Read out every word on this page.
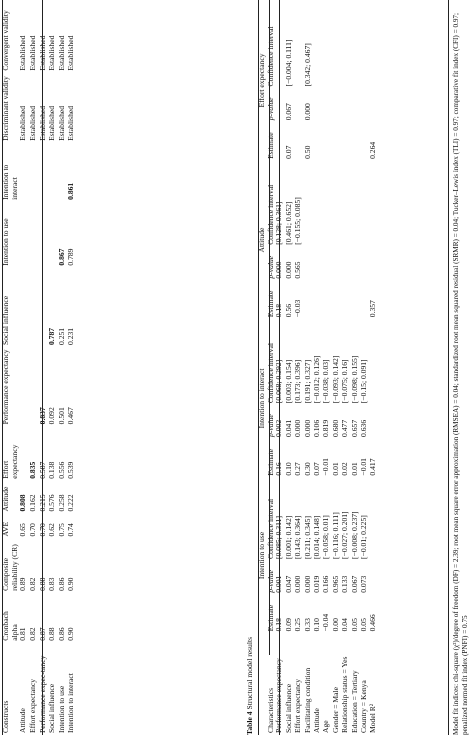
Constructs	Cronbach alpha	Composite reliability (CR)	AVE	Attitude	Effort expectancy	Performance expectancy	Social influence	Intention to use	Intention to interact	Discriminant validity	Convergent validity
Attitude	0.81	0.89	0.65	0.808						Established	Established
Effort expectancy	0.82	0.82	0.70	0.162	0.835					Established	Established
Performance expec-tancy	0.87	0.88	0.70	0.215	0.587	0.837				Established	Established
Social influence	0.88	0.83	0.62	0.576	0.138	0.092	0.787			Established	Established
Intention to use	0.86	0.86	0.75	0.258	0.556	0.501	0.251	0.867		Established	Established
Intention to interact	0.90	0.90	0.74	0.222	0.539	0.467	0.231	0.789	0.861	Established	Established
Table 4 Structural model results
	Intention to use			Intention to interact			Attitude			Effort expectancy		
Characteristics	Estimate	p-value	Confidence interval	Estimate	p-value	Confidence interval	Estimate	p-value	Confidence interval	Estimate	p-value	Confidence interval
Performance expectancy	0.18	0.001	[0.085; 0.311]	0.16	0.002	[0.068; 0.292]	0.18	0.000	[0.128; 0.361]			
Social influence	0.09	0.047	[0.001; 0.142]	0.10	0.041	[0.003; 0.154]	0.56	0.000	[0.461; 0.652]	0.07	0.067	[−0.004; 0.111]
Effort expectancy	0.25	0.000	[0.143; 0.364]	0.27	0.000	[0.173; 0.396]	−0.03	0.565	[−0.155; 0.085]			
Facilitating condition	0.33	0.000	[0.211; 0.345]	0.30	0.000	[0.191; 0.327]				0.50	0.000	[0.342; 0.467]
Attitude	0.10	0.019	[0.014; 0.148]	0.07	0.106	[−0.012; 0.126]						
Age	−0.04	0.166	[−0.058; 0.01]	−0.01	0.819	[−0.038; 0.03]						
Gender = Male	0.00	0.965	[−0.116; 0.111]	0.01	0.680	[−0.093; 0.142]						
Relationship status = Yes	0.04	0.133	[−0.027; 0.201]	0.02	0.477	[−0.075; 0.16]						
Education = Tertiary	0.05	0.067	[−0.008; 0.237]	0.01	0.657	[−0.098; 0.155]						
Country = Kenya	0.05	0.073	[−0.01; 0.225]	−0.01	0.636	[−0.15; 0.091]						
Model R²	0.466			0.417			0.357			0.264			Model fit indices: chi-square (χ²)/degree of freedom (DF) = 2.39; root mean square error approximation (RMSEA) = 0.04; standardized root mean squared residual (SRMR) = 0.04; Tucker–Lewis index (TLI) = 0.97; comparative fit index (CFI) = 0.97; penalized normed fit index (PNFI) = 0.75
